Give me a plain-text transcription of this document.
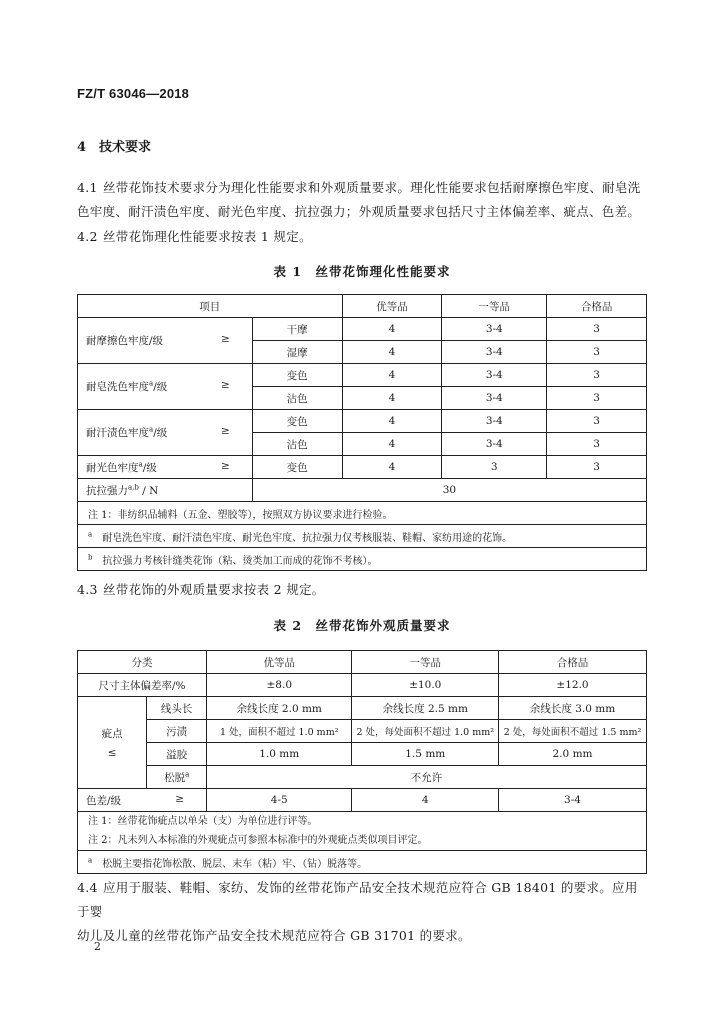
FZ/T 63046—2018
4 技术要求
4.1 丝带花饰技术要求分为理化性能要求和外观质量要求。理化性能要求包括耐摩擦色牢度、耐皂洗
色牢度、耐汗渍色牢度、耐光色牢度、抗拉强力；外观质量要求包括尺寸主体偏差率、疵点、色差。
4.2 丝带花饰理化性能要求按表 1 规定。
表 1　丝带花饰理化性能要求
项目		优等品	一等品	合格品
耐摩擦色牢度/级 ≥	干摩	4	3-4	3
	湿摩	4	3-4	3
耐皂洗色牢度$^a$/级 ≥	变色	4	3-4	3
	沾色	4	3-4	3
耐汗渍色牢度$^a$/级 ≥	变色	4	3-4	3
	沾色	4	3-4	3
耐光色牢度$^a$/级 ≥	变色	4	3	3
抗拉强力$^{a,b}$ / N	30			
注 1：非纺织品辅料（五金、塑胶等），按照双方协议要求进行检验。				
$^a$　 耐皂洗色牢度、耐汗渍色牢度、耐光色牢度、抗拉强力仅考核服装、鞋帽、家纺用途的花饰。				
$^b$　 抗拉强力考核针缝类花饰（粘、烫类加工而成的花饰不考核）。				
4.3 丝带花饰的外观质量要求按表 2 规定。
表 2　丝带花饰外观质量要求
分类		优等品	一等品	合格品
尺寸主体偏差率/%		±8.0	±10.0	±12.0

疵点
≤	线头长	余线长度 2.0 mm	余线长度 2.5 mm	余线长度 3.0 mm
	污渍	1 处，面积不超过 1.0 mm²	2 处，每处面积不超过 1.0 mm²	2 处，每处面积不超过 1.5 mm²
	溢胶	1.0 mm	1.5 mm	2.0 mm
	松脱$^a$	不允许		
色差/级 ≥		4-5	4	3-4

注 1：丝带花饰疵点以单朵（支）为单位进行评等。
注 2：凡未列入本标准的外观疵点可参照本标准中的外观疵点类似项目评定。				

$^a$　 松脱主要指花饰松散、脱层、末车（粘）牢、（钻）脱落等。				
4.4 应用于服装、鞋帽、家纺、发饰的丝带花饰产品安全技术规范应符合 GB 18401 的要求。应用于婴
幼儿及儿童的丝带花饰产品安全技术规范应符合 GB 31701 的要求。
2
